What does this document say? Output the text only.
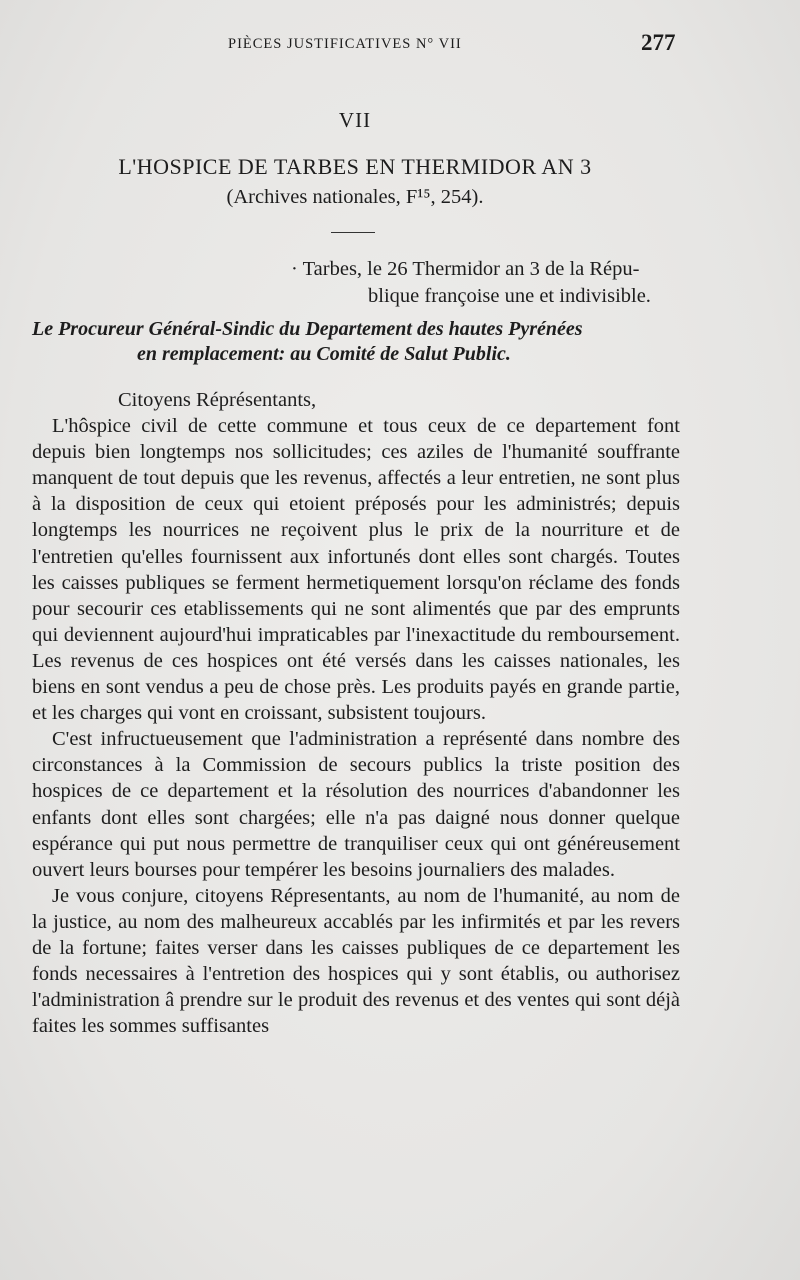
PIÈCES JUSTIFICATIVES N° VII	277
VII
L'HOSPICE DE TARBES EN THERMIDOR AN 3
(Archives nationales, F¹⁵, 254).
· Tarbes, le 26 Thermidor an 3 de la Répu-
blique françoise une et indivisible.
Le Procureur Général-Sindic du Departement des hautes Pyrénées
en remplacement: au Comité de Salut Public.

Citoyens Réprésentants,

L'hôspice civil de cette commune et tous ceux de ce departement font depuis bien longtemps nos sollicitudes; ces aziles de l'humanité souffrante manquent de tout depuis que les revenus, affectés a leur entretien, ne sont plus à la disposition de ceux qui etoient préposés pour les administrés; depuis longtemps les nourrices ne reçoivent plus le prix de la nourriture et de l'entretien qu'elles fournissent aux infortunés dont elles sont chargés. Toutes les caisses publiques se ferment hermetiquement lorsqu'on réclame des fonds pour secourir ces etablissements qui ne sont alimentés que par des emprunts qui deviennent aujourd'hui impraticables par l'inexactitude du remboursement. Les revenus de ces hospices ont été versés dans les caisses nationales, les biens en sont vendus a peu de chose près. Les produits payés en grande partie, et les charges qui vont en croissant, subsistent toujours.

C'est infructueusement que l'administration a représenté dans nombre des circonstances à la Commission de secours publics la triste position des hospices de ce departement et la résolution des nourrices d'abandonner les enfants dont elles sont chargées; elle n'a pas daigné nous donner quelque espérance qui put nous permettre de tranquiliser ceux qui ont généreusement ouvert leurs bourses pour tempérer les besoins journaliers des malades.

Je vous conjure, citoyens Répresentants, au nom de l'humanité, au nom de la justice, au nom des malheureux accablés par les infirmités et par les revers de la fortune; faites verser dans les caisses publiques de ce departement les fonds necessaires à l'entretion des hospices qui y sont établis, ou authorisez l'administration â prendre sur le produit des revenus et des ventes qui sont déjà faites les sommes suffisantes
